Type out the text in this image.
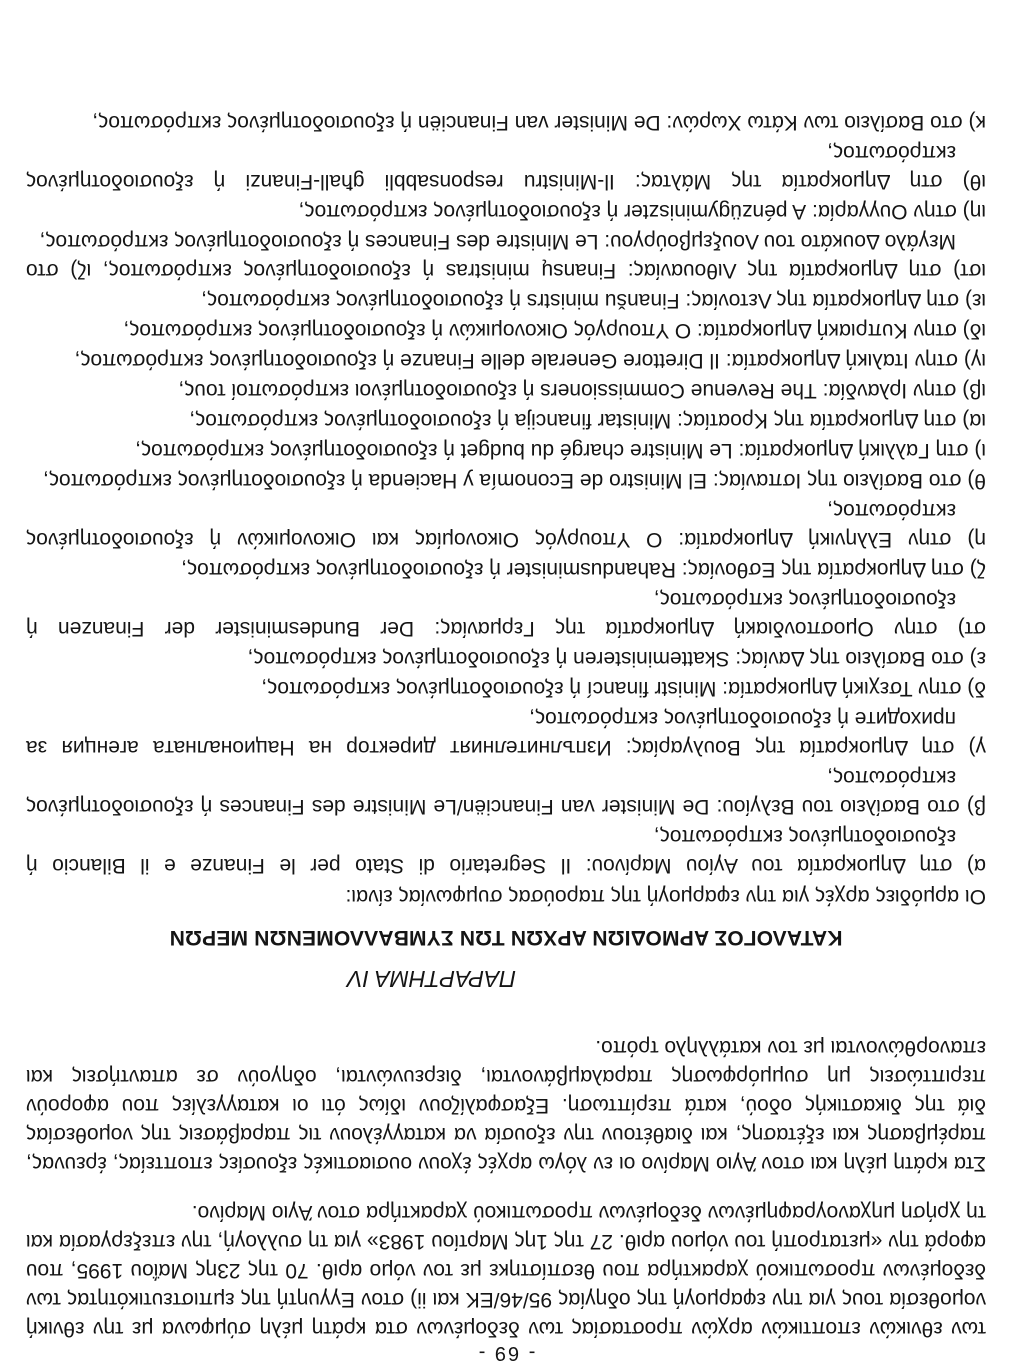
- 69 -

των εθνικών εποπτικών αρχών προστασίας των δεδομένων στα κράτη μέλη σύμφωνα με την εθνική νομοθεσία τους για την εφαρμογή της οδηγίας 95/46/ΕΚ και ii) στον Εγγυητή της εμπιστευτικότητας των δεδομένων προσωπικού χαρακτήρα που θεσπίστηκε με τον νόμο αριθ. 70 της 23ης Μαΐου 1995, που αφορά την «μετατροπή του νόμου αριθ. 27 της 1ης Μαρτίου 1983» για τη συλλογή, την επεξεργασία και τη χρήση μηχανογραφημένων δεδομένων προσωπικού χαρακτήρα στον Άγιο Μαρίνο.

Στα κράτη μέλη και στον Άγιο Μαρίνο οι εν λόγω αρχές έχουν ουσιαστικές εξουσίες εποπτείας, έρευνας, παρέμβασης και εξέτασης, και διαθέτουν την εξουσία να καταγγέλουν τις παραβάσεις της νομοθεσίας διά της δικαστικής οδού, κατά περίπτωση. Εξασφαλίζουν ιδίως ότι οι καταγγελίες που αφορούν περιπτώσεις μη συμμόρφωσης παραλαμβάνονται, διερευνώνται, οδηγούν σε απαντήσεις και επανορθώνονται με τον κατάλληλο τρόπο.

ΠΑΡΑΡΤΗΜΑ IV
ΚΑΤΑΛΟΓΟΣ ΑΡΜΟΔΙΩΝ ΑΡΧΩΝ ΤΩΝ ΣΥΜΒΑΛΛΟΜΕΝΩΝ ΜΕΡΩΝ
Οι αρμόδιες αρχές για την εφαρμογή της παρούσας συμφωνίας είναι:
α) στη Δημοκρατία του Αγίου Μαρίνου: Il Segretario di Stato per le Finanze e il Bilancio ή εξουσιοδοτημένος εκπρόσωπος,
β) στο Βασίλειο του Βελγίου: De Minister van Financiën/Le Ministre des Finances ή εξουσιοδοτημένος εκπρόσωπος,
γ) στη Δημοκρατία της Βουλγαρίας: Изпълнителният директор на Националната агенция за приходите ή εξουσιοδοτημένος εκπρόσωπος,
δ) στην Τσεχική Δημοκρατία: Ministr financí ή εξουσιοδοτημένος εκπρόσωπος,
ε) στο Βασίλειο της Δανίας: Skatteministeren ή εξουσιοδοτημένος εκπρόσωπος,
στ) στην Ομοσπονδιακή Δημοκρατία της Γερμανίας: Der Bundesminister der Finanzen ή εξουσιοδοτημένος εκπρόσωπος,
ζ) στη Δημοκρατία της Εσθονίας: Rahandusminister ή εξουσιοδοτημένος εκπρόσωπος,
η) στην Ελληνική Δημοκρατία: Ο Υπουργός Οικονομίας και Οικονομικών ή εξουσιοδοτημένος εκπρόσωπος,
θ) στο Βασίλειο της Ισπανίας: El Ministro de Economía y Hacienda ή εξουσιοδοτημένος εκπρόσωπος,
ι) στη Γαλλική Δημοκρατία: Le Ministre chargé du budget ή εξουσιοδοτημένος εκπρόσωπος,
ια) στη Δημοκρατία της Κροατίας: Ministar financija ή εξουσιοδοτημένος εκπρόσωπος,
ιβ) στην Ιρλανδία: The Revenue Commissioners ή εξουσιοδοτημένοι εκπρόσωποί τους,
ιγ) στην Ιταλική Δημοκρατία: Il Direttore Generale delle Finanze ή εξουσιοδοτημένος εκπρόσωπος,
ιδ) στην Κυπριακή Δημοκρατία: Ο Υπουργός Οικονομικών ή εξουσιοδοτημένος εκπρόσωπος,
ιε) στη Δημοκρατία της Λετονίας: Finanšu ministrs ή εξουσιοδοτημένος εκπρόσωπος,
ιστ) στη Δημοκρατία της Λιθουανίας: Finansų ministras ή εξουσιοδοτημένος εκπρόσωπος, ιζ) στο Μεγάλο Δουκάτο του Λουξεμβούργου: Le Ministre des Finances ή εξουσιοδοτημένος εκπρόσωπος,
ιη) στην Ουγγαρία: A pénzügyminiszter ή εξουσιοδοτημένος εκπρόσωπος,
ιθ) στη Δημοκρατία της Μάλτας: Il-Ministru responsabbli għall-Finanzi ή εξουσιοδοτημένος εκπρόσωπος,
κ) στο Βασίλειο των Κάτω Χωρών: De Minister van Financiën ή εξουσιοδοτημένος εκπρόσωπος,
